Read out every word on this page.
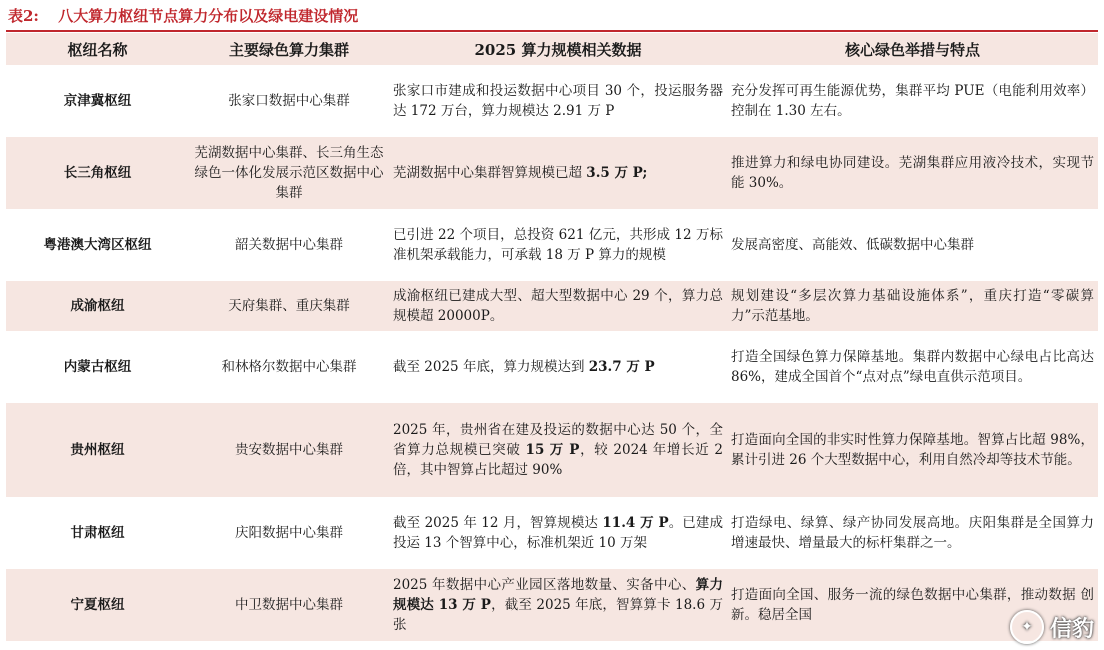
表2: 八大算力枢纽节点算力分布以及绿电建设情况
枢纽名称	主要绿色算力集群	2025 算力规模相关数据	核心绿色举措与特点
京津冀枢纽	张家口数据中心集群	张家口市建成和投运数据中心项目 30 个，投运服务器达 172 万台，算力规模达 2.91 万 P	充分发挥可再生能源优势，集群平均 PUE（电能利用效率）控制在 1.30 左右。
长三角枢纽	芜湖数据中心集群、长三角生态绿色一体化发展示范区数据中心集群	芜湖数据中心集群智算规模已超 3.5 万 P;	推进算力和绿电协同建设。芜湖集群应用液冷技术，实现节能 30%。
粤港澳大湾区枢纽	韶关数据中心集群	已引进 22 个项目，总投资 621 亿元，共形成 12 万标准机架承载能力，可承载 18 万 P 算力的规模	发展高密度、高能效、低碳数据中心集群
成渝枢纽	天府集群、重庆集群	成渝枢纽已建成大型、超大型数据中心 29 个，算力总规模超 20000P。	规划建设“多层次算力基础设施体系”，重庆打造“零碳算力”示范基地。
内蒙古枢纽	和林格尔数据中心集群	截至 2025 年底，算力规模达到 23.7 万 P	打造全国绿色算力保障基地。集群内数据中心绿电占比高达 86%，建成全国首个“点对点”绿电直供示范项目。
贵州枢纽	贵安数据中心集群	2025 年，贵州省在建及投运的数据中心达 50 个，全省算力总规模已突破 15 万 P，较 2024 年增长近 2 倍，其中智算占比超过 90%	打造面向全国的非实时性算力保障基地。智算占比超 98%，累计引进 26 个大型数据中心，利用自然冷却等技术节能。
甘肃枢纽	庆阳数据中心集群	截至 2025 年 12 月，智算规模达 11.4 万 P。已建成投运 13 个智算中心，标准机架近 10 万架	打造绿电、绿算、绿产协同发展高地。庆阳集群是全国算力增速最快、增量最大的标杆集群之一。
宁夏枢纽	中卫数据中心集群	2025 年数据中心产业园区落地数量、实备中心、算力规模达 13 万 P，截至 2025 年底，智算算卡 18.6 万张	打造面向全国、服务一流的绿色数据中心集群，推动数据 创新。稳居全国
✦ 信豹
